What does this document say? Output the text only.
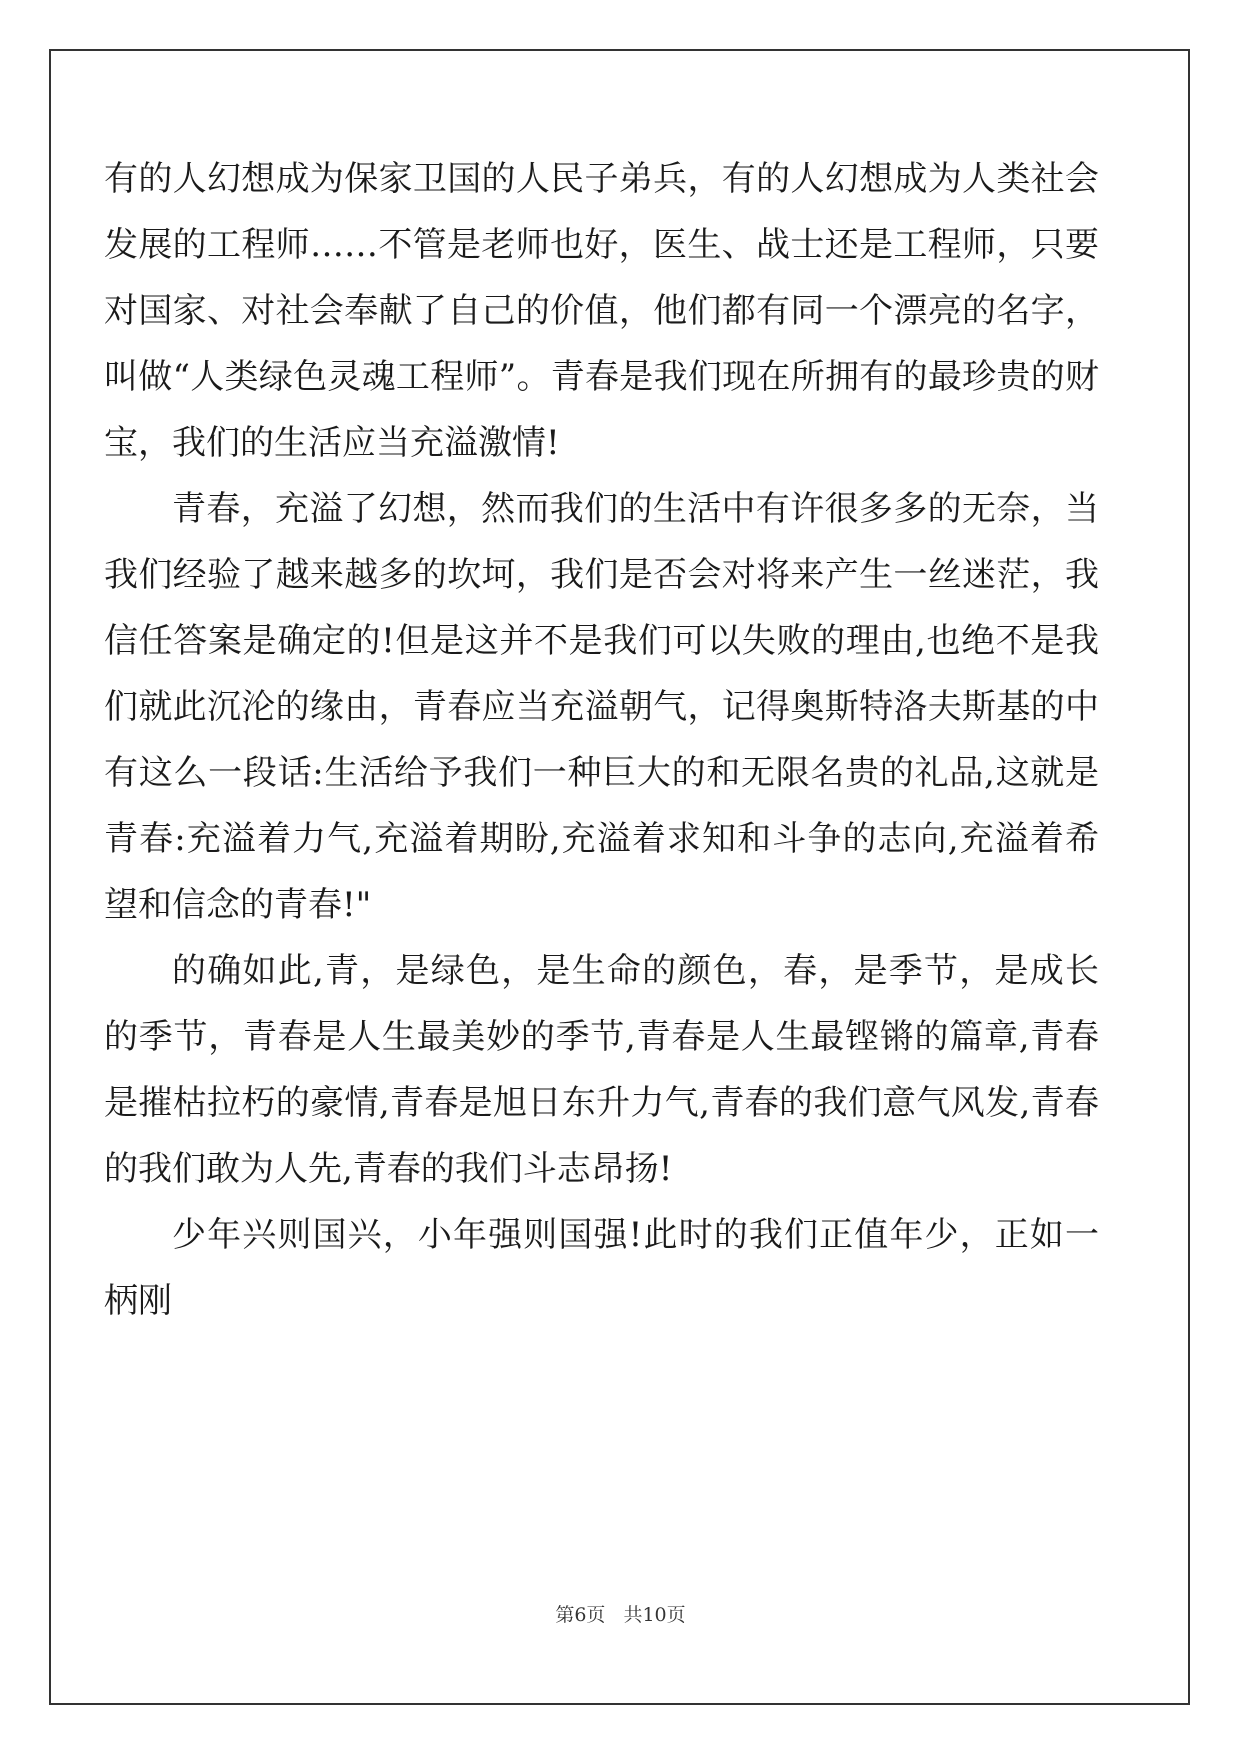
有的人幻想成为保家卫国的人民子弟兵，有的人幻想成为人类社会发展的工程师……不管是老师也好，医生、战士还是工程师，只要对国家、对社会奉献了自己的价值，他们都有同一个漂亮的名字，叫做“人类绿色灵魂工程师”。青春是我们现在所拥有的最珍贵的财宝，我们的生活应当充溢激情!

青春，充溢了幻想，然而我们的生活中有许很多多的无奈，当我们经验了越来越多的坎坷，我们是否会对将来产生一丝迷茫，我信任答案是确定的!但是这并不是我们可以失败的理由,也绝不是我们就此沉沦的缘由，青春应当充溢朝气，记得奥斯特洛夫斯基的中有这么一段话:生活给予我们一种巨大的和无限名贵的礼品,这就是青春:充溢着力气,充溢着期盼,充溢着求知和斗争的志向,充溢着希望和信念的青春!"

的确如此,青，是绿色，是生命的颜色，春，是季节，是成长的季节，青春是人生最美妙的季节,青春是人生最铿锵的篇章,青春是摧枯拉朽的豪情,青春是旭日东升力气,青春的我们意气风发,青春的我们敢为人先,青春的我们斗志昂扬!

少年兴则国兴，小年强则国强!此时的我们正值年少，正如一柄刚

第6页 共10页
